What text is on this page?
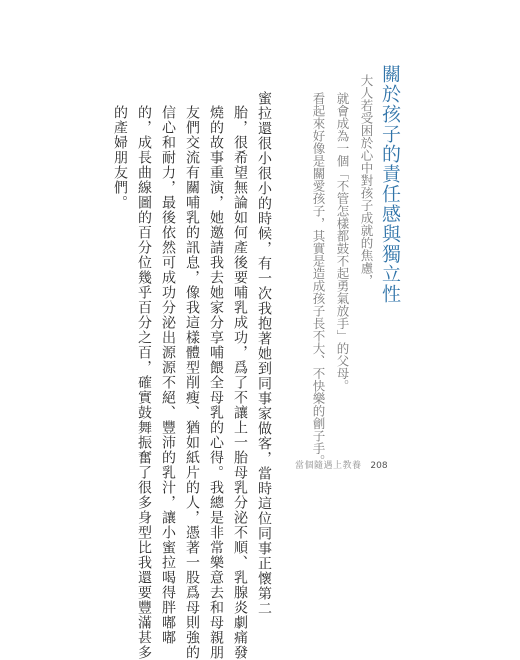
關於孩子的責任感與獨立性
大人若受困於心中對孩子成就的焦慮，
就會成為一個「不管怎樣都鼓不起勇氣放手」的父母。
看起來好像是關愛孩子，其實是造成孩子長不大、不快樂的劊子手。
蜜拉還很小很小的時候，有一次我抱著她到同事家做客，當時這位同事正懷第二
胎，很希望無論如何產後要哺乳成功，爲了不讓上一胎母乳分泌不順、乳腺炎劇痛發
燒的故事重演，她邀請我去她家分享哺餵全母乳的心得。我總是非常樂意去和母親朋
友們交流有關哺乳的訊息，像我這樣體型削瘦、猶如紙片的人，憑著一股爲母則強的
信心和耐力，最後依然可成功分泌出源源不絕、豐沛的乳汁，讓小蜜拉喝得胖嘟嘟
的，成長曲線圖的百分位幾乎百分之百，確實鼓舞振奮了很多身型比我還要豐滿甚多
的產婦朋友們。
當個隨遇上教養 208
